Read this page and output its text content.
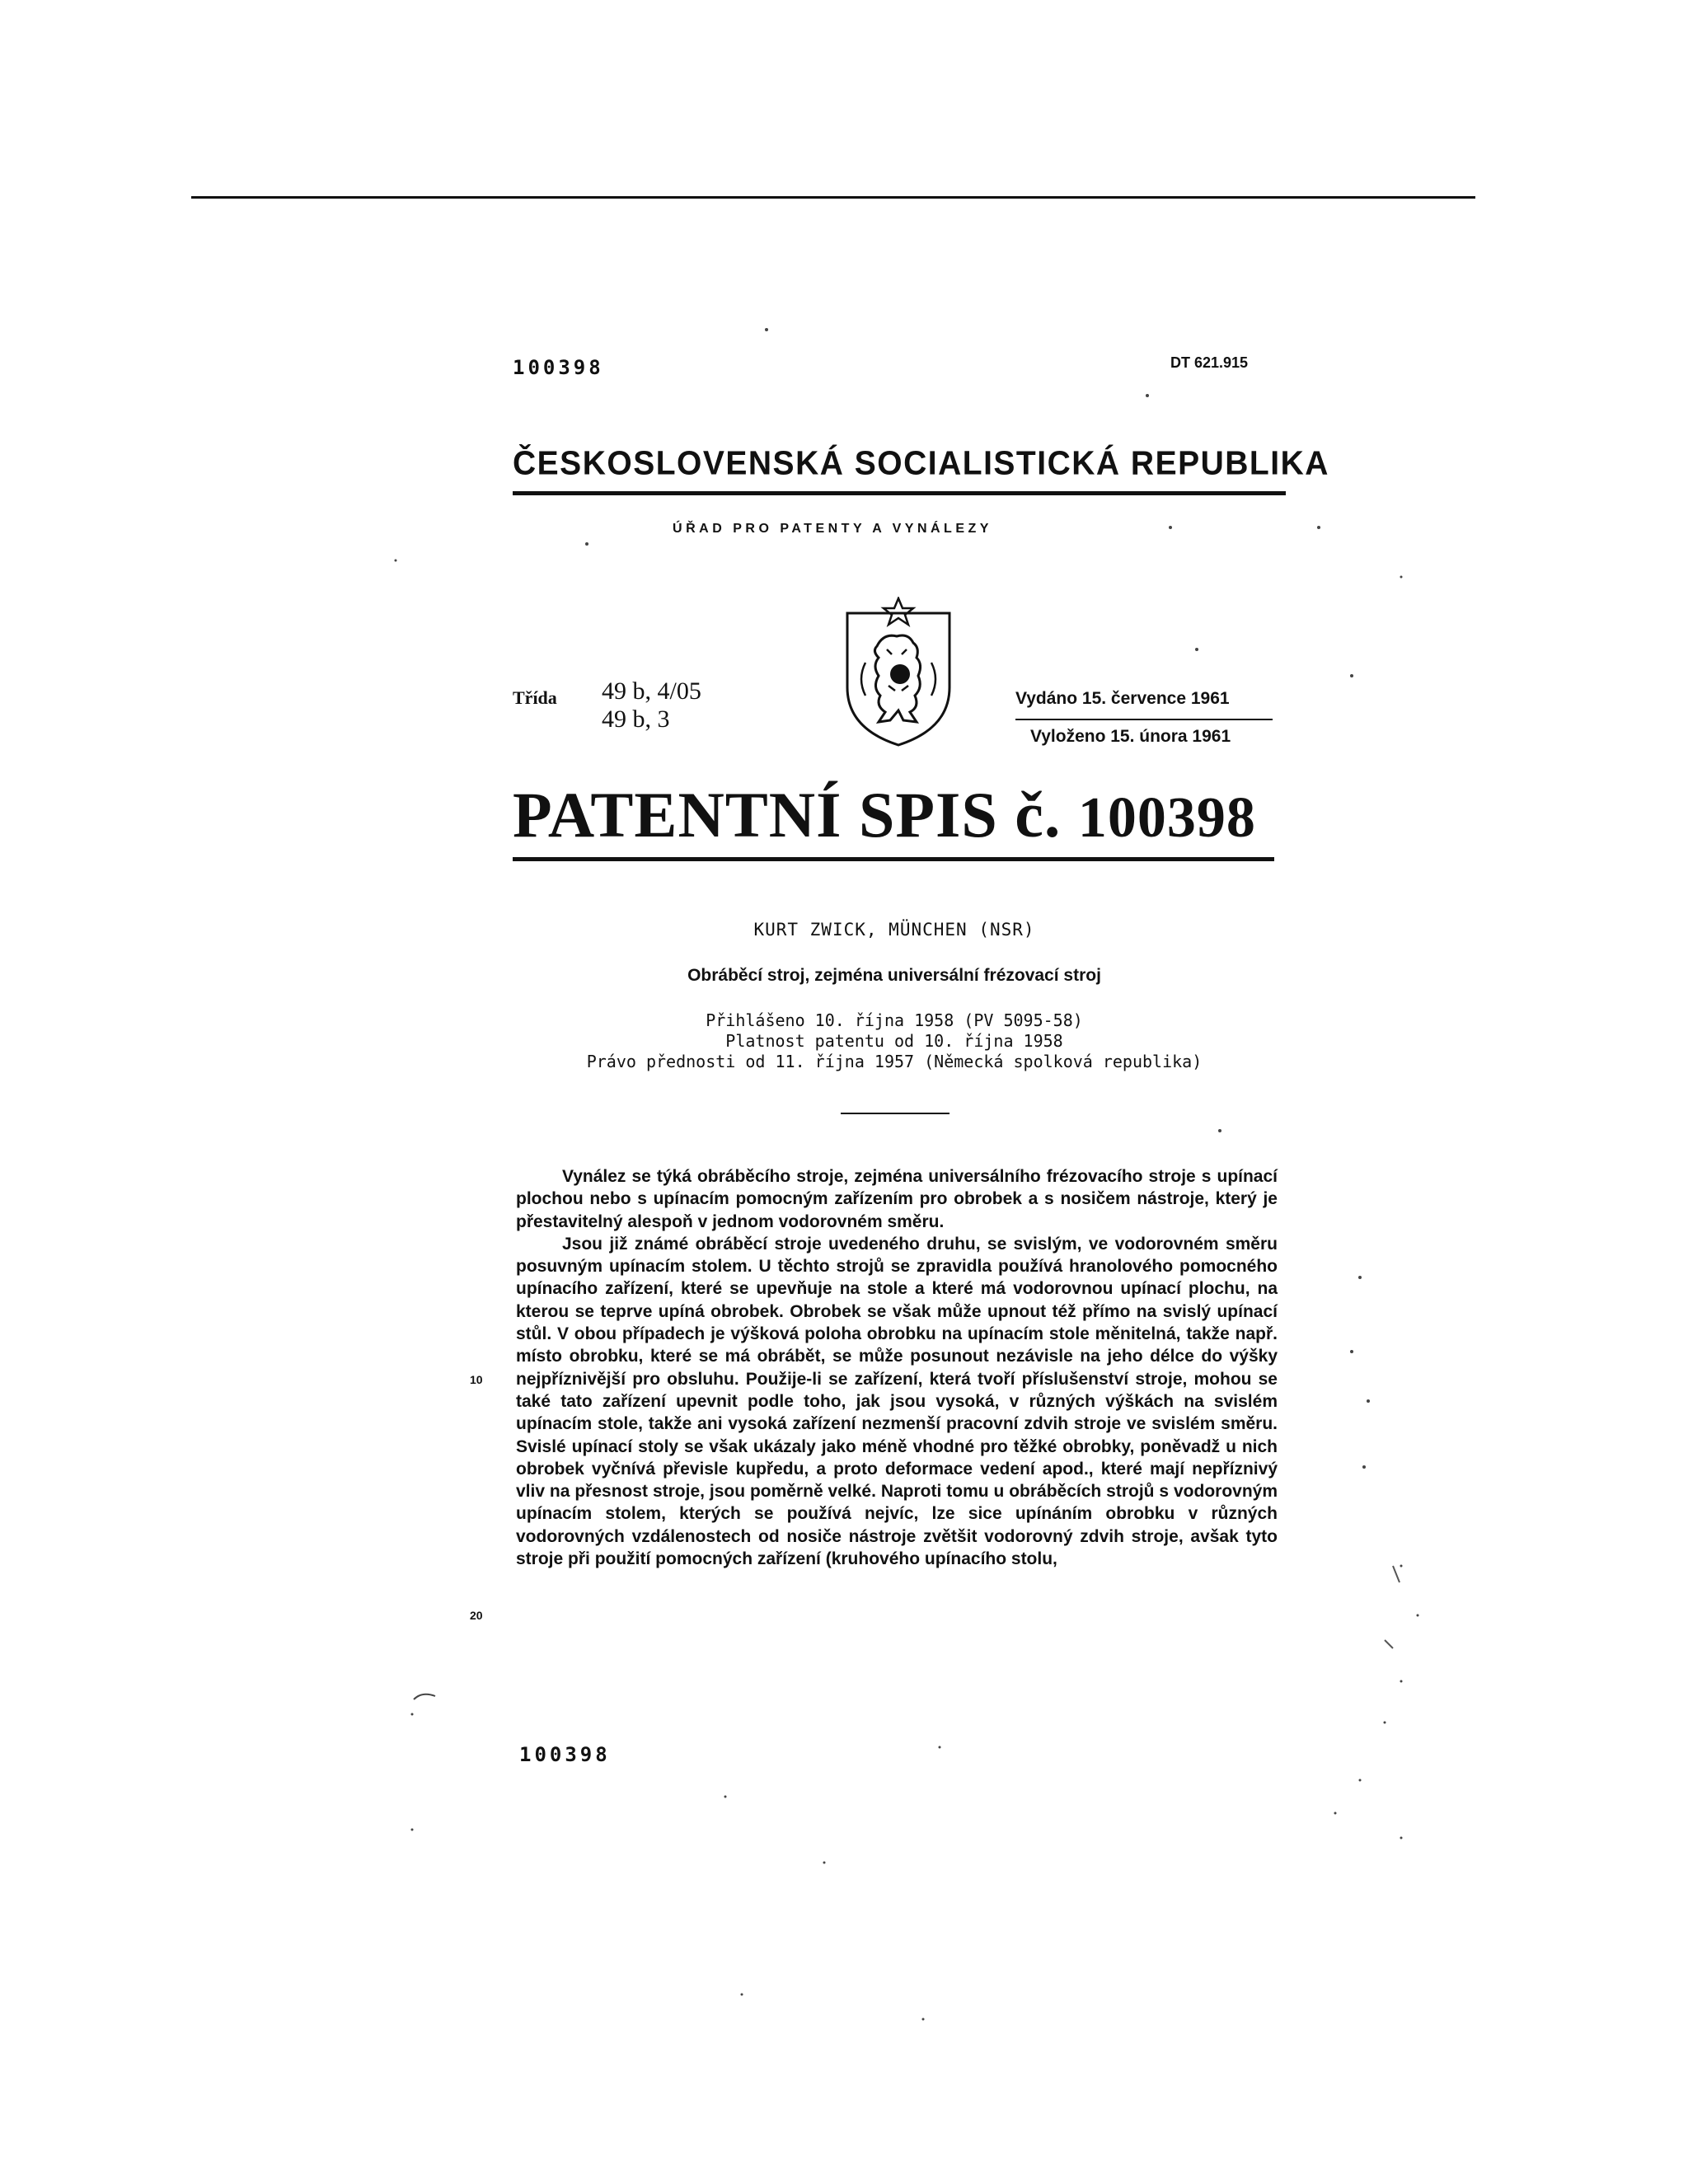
100398	DT 621.915
ČESKOSLOVENSKÁ SOCIALISTICKÁ REPUBLIKA
ÚŘAD PRO PATENTY A VYNÁLEZY
Třída 49 b, 4/05
49 b, 3
Vydáno 15. července 1961
Vyloženo 15. února 1961
PATENTNÍ SPIS č. 100398
KURT ZWICK, MÜNCHEN (NSR)
Obráběcí stroj, zejména universální frézovací stroj
Přihlášeno 10. října 1958 (PV 5095-58)
Platnost patentu od 10. října 1958
Právo přednosti od 11. října 1957 (Německá spolková republika)

Vynález se týká obráběcího stroje, zejména universálního frézovacího stroje s upínací plochou nebo s upínacím pomocným zařízením pro obrobek a s nosičem nástroje, který je přestavitelný alespoň v jednom vodorovném směru.

Jsou již známé obráběcí stroje uvedeného druhu, se svislým, ve vodorovném směru posuvným upínacím stolem. U těchto strojů se zpravidla používá hranolového pomocného upínacího zařízení, které se upevňuje na stole a které má vodorovnou upínací plochu, na kterou se teprve upíná obrobek. Obrobek se však může upnout též přímo na svislý upínací stůl. V obou případech je výšková poloha obrobku na upínacím stole měnitelná, takže např. místo obrobku, které se má obrábět, se může posunout nezávisle na jeho délce do výšky nejpříznivější pro obsluhu. Použije-li se zařízení, která tvoří příslušenství stroje, mohou se také tato zařízení upevnit podle toho, jak jsou vysoká, v různých výškách na svislém upínacím stole, takže ani vysoká zařízení nezmenší pracovní zdvih stroje ve svislém směru. Svislé upínací stoly se však ukázaly jako méně vhodné pro těžké obrobky, poněvadž u nich obrobek vyčnívá převisle kupředu, a proto deformace vedení apod., které mají nepříznivý vliv na přesnost stroje, jsou poměrně velké. Naproti tomu u obráběcích strojů s vodorovným upínacím stolem, kterých se používá nejvíc, lze sice upínáním obrobku v různých vodorovných vzdálenostech od nosiče nástroje zvětšit vodorovný zdvih stroje, avšak tyto stroje při použití pomocných zařízení (kruhového upínacího stolu,

10
20
100398
